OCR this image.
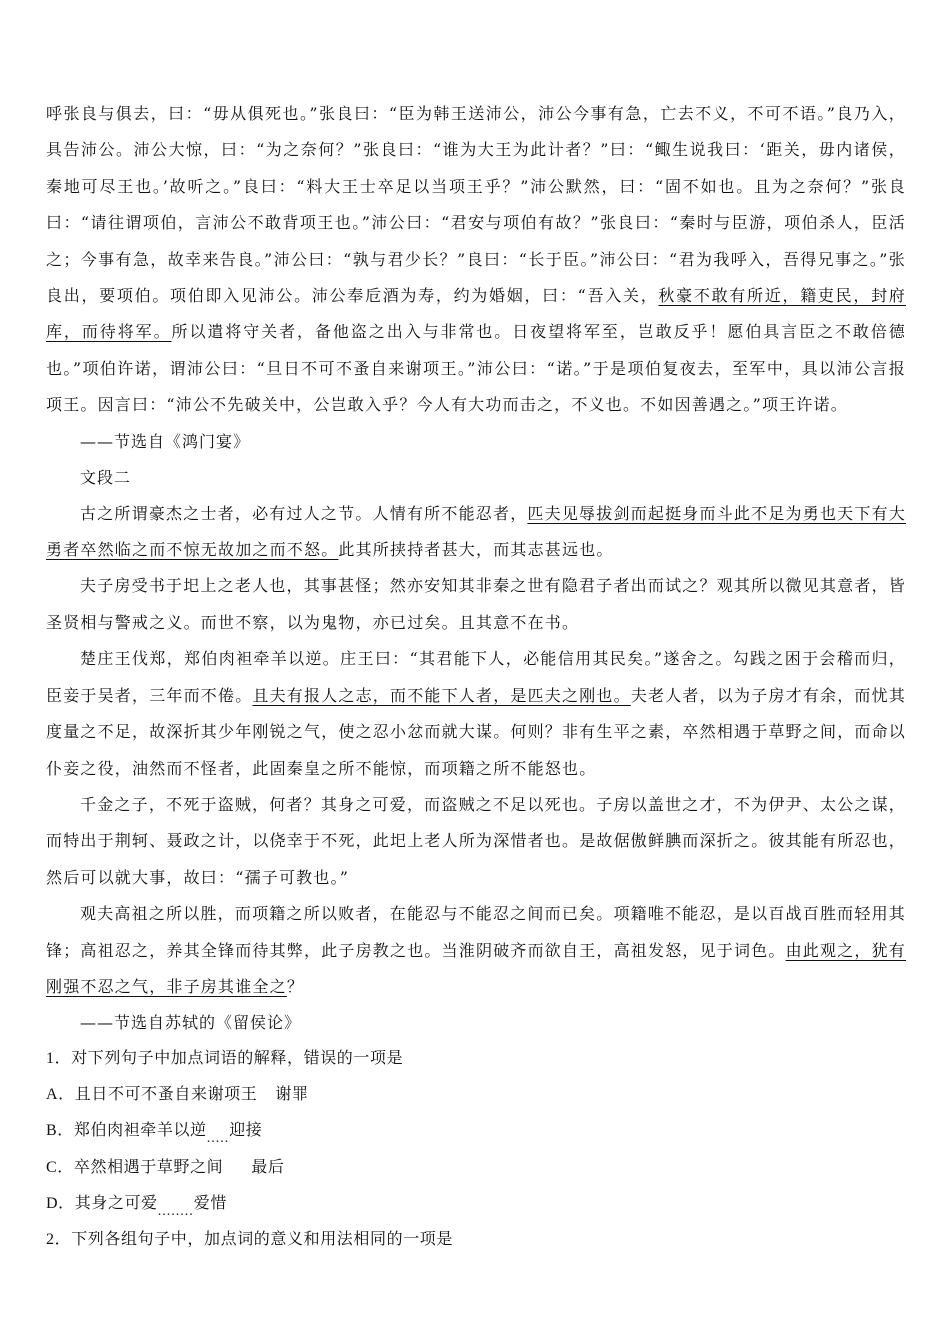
呼张良与俱去，曰：“毋从俱死也。”张良曰：“臣为韩王送沛公，沛公今事有急，亡去不义，不可不语。”良乃入，具告沛公。沛公大惊，曰：“为之奈何？”张良曰：“谁为大王为此计者？”曰：“鲰生说我曰：‘距关，毋内诸侯，秦地可尽王也。’故听之。”良曰：“料大王士卒足以当项王乎？”沛公默然，曰：“固不如也。且为之奈何？”张良曰：“请往谓项伯，言沛公不敢背项王也。”沛公曰：“君安与项伯有故？”张良曰：“秦时与臣游，项伯杀人，臣活之；今事有急，故幸来告良。”沛公曰：“孰与君少长？”良曰：“长于臣。”沛公曰：“君为我呼入，吾得兄事之。”张良出，要项伯。项伯即入见沛公。沛公奉卮酒为寿，约为婚姻，曰：“吾入关，秋豪不敢有所近，籍吏民，封府库，而待将军。所以遣将守关者，备他盗之出入与非常也。日夜望将军至，岂敢反乎！愿伯具言臣之不敢倍德也。”项伯许诺，谓沛公曰：“旦日不可不蚤自来谢项王。”沛公曰：“诺。”于是项伯复夜去，至军中，具以沛公言报项王。因言曰：“沛公不先破关中，公岂敢入乎？今人有大功而击之，不义也。不如因善遇之。”项王许诺。

——节选自《鸿门宴》

文段二

古之所谓豪杰之士者，必有过人之节。人情有所不能忍者，匹夫见辱拔剑而起挺身而斗此不足为勇也天下有大勇者卒然临之而不惊无故加之而不怒。此其所挟持者甚大，而其志甚远也。

夫子房受书于圯上之老人也，其事甚怪；然亦安知其非秦之世有隐君子者出而试之？观其所以微见其意者，皆圣贤相与警戒之义。而世不察，以为鬼物，亦已过矣。且其意不在书。

楚庄王伐郑，郑伯肉袒牵羊以逆。庄王曰：“其君能下人，必能信用其民矣。”遂舍之。勾践之困于会稽而归，臣妾于吴者，三年而不倦。且夫有报人之志，而不能下人者，是匹夫之刚也。夫老人者，以为子房才有余，而忧其度量之不足，故深折其少年刚锐之气，使之忍小忿而就大谋。何则？非有生平之素，卒然相遇于草野之间，而命以仆妾之役，油然而不怪者，此固秦皇之所不能惊，而项籍之所不能怒也。

千金之子，不死于盗贼，何者？其身之可爱，而盗贼之不足以死也。子房以盖世之才，不为伊尹、太公之谋，而特出于荆轲、聂政之计，以侥幸于不死，此圯上老人所为深惜者也。是故倨傲鲜腆而深折之。彼其能有所忍也，然后可以就大事，故曰：“孺子可教也。”

观夫高祖之所以胜，而项籍之所以败者，在能忍与不能忍之间而已矣。项籍唯不能忍，是以百战百胜而轻用其锋；高祖忍之，养其全锋而待其弊，此子房教之也。当淮阴破齐而欲自王，高祖发怒，见于词色。由此观之，犹有刚强不忍之气，非子房其谁全之？

——节选自苏轼的《留侯论》

1．对下列句子中加点词语的解释，错误的一项是

A．且日不可不蚤自来谢项王 谢罪

B．郑伯肉袒牵羊以逆.....迎接

C．卒然相遇于草野之间 最后

D．其身之可爱........爱惜

2．下列各组句子中，加点词的意义和用法相同的一项是
